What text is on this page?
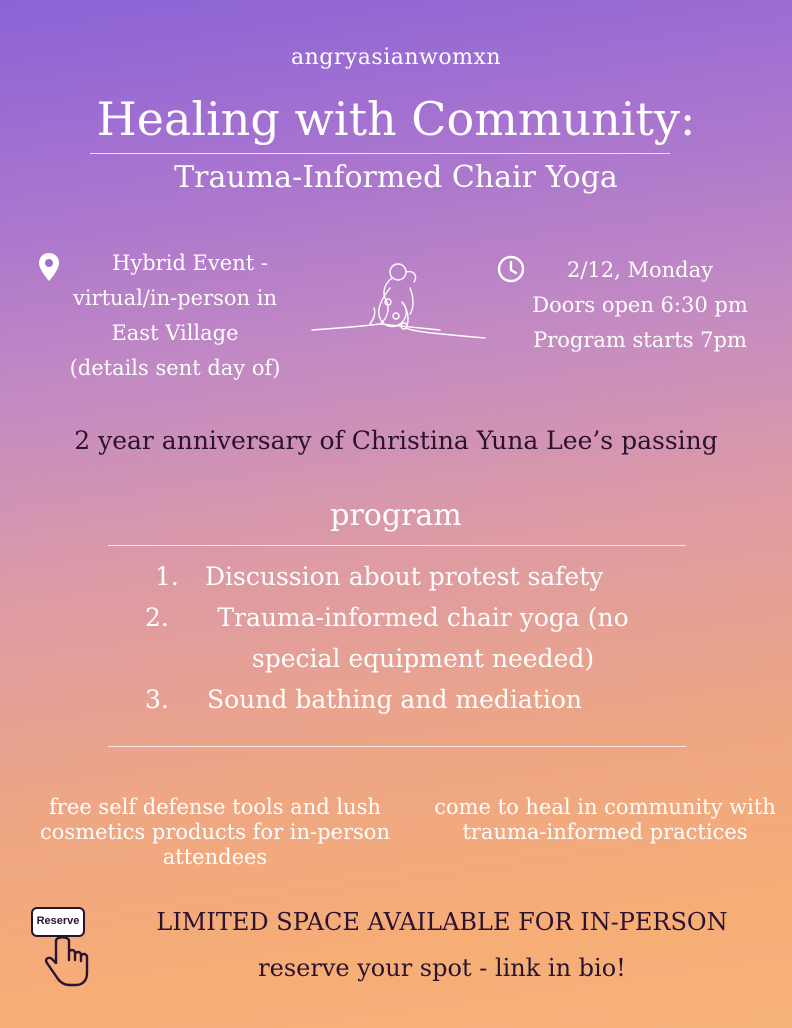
angryasianwomxn
Healing with Community:
Trauma-Informed Chair Yoga
Hybrid Event -
virtual/in-person in
East Village
(details sent day of)
2/12, Monday
Doors open 6:30 pm
Program starts 7pm
2 year anniversary of Christina Yuna Lee’s passing
program
1.	Discussion about protest safety
2.	Trauma-informed chair yoga (no special equipment needed)
3.	Sound bathing and mediation
free self defense tools and lush cosmetics products for in-person attendees
come to heal in community with trauma-informed practices
Reserve	LIMITED SPACE AVAILABLE FOR IN-PERSON
reserve your spot - link in bio!
